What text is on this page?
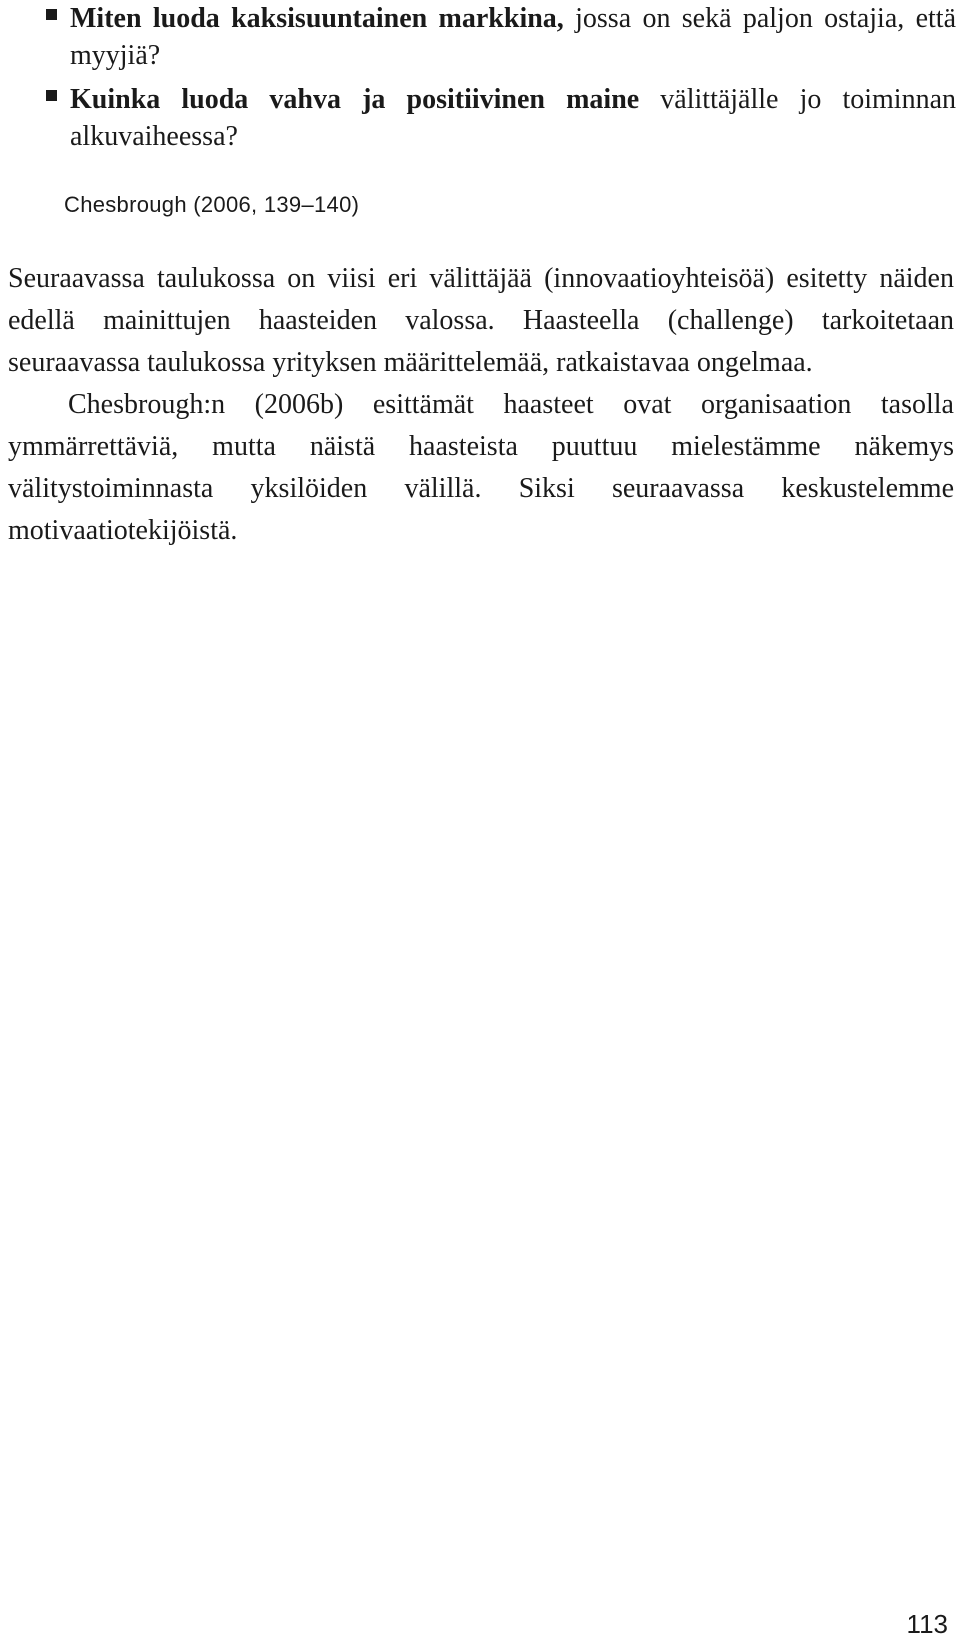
Miten luoda kaksisuuntainen markkina, jossa on sekä paljon ostajia, että myyjiä?
Kuinka luoda vahva ja positiivinen maine välittäjälle jo toiminnan alkuvaiheessa?
Chesbrough (2006, 139–140)

Seuraavassa taulukossa on viisi eri välittäjää (innovaatioyhteisöä) esitetty näiden edellä mainittujen haasteiden valossa. Haasteella (challenge) tarkoitetaan seuraavassa taulukossa yrityksen määrittelemää, ratkaistavaa ongelmaa.

Chesbrough:n (2006b) esittämät haasteet ovat organisaation tasolla ymmärrettäviä, mutta näistä haasteista puuttuu mielestämme näkemys välitystoiminnasta yksilöiden välillä. Siksi seuraavassa keskustelemme motivaatiotekijöistä.

113
